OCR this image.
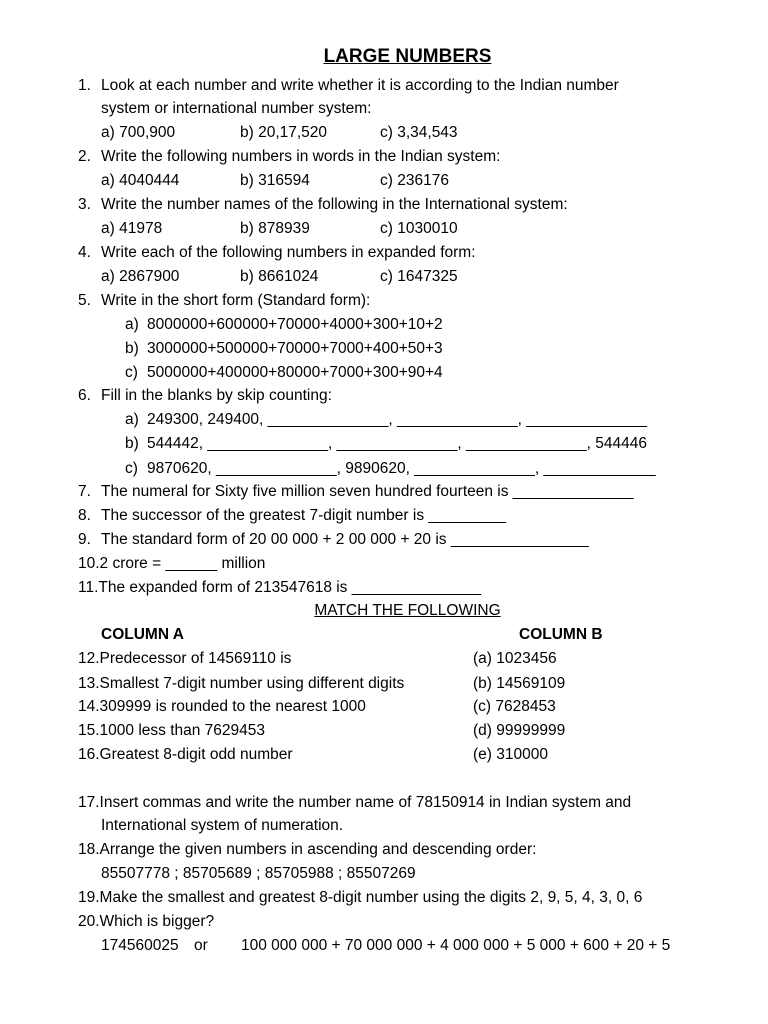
LARGE NUMBERS
1. Look at each number and write whether it is according to the Indian number
system or international number system:
a) 700,900	b) 20,17,520	c) 3,34,543
2. Write the following numbers in words in the Indian system:
a) 4040444	b) 316594	c) 236176
3. Write the number names of the following in the International system:
a) 41978	b) 878939	c) 1030010
4. Write each of the following numbers in expanded form:
a) 2867900	b) 8661024	c) 1647325
5. Write in the short form (Standard form):
a) 8000000+600000+70000+4000+300+10+2
b) 3000000+500000+70000+7000+400+50+3
c) 5000000+400000+80000+7000+300+90+4
6. Fill in the blanks by skip counting:
a) 249300, 249400, ______________, ______________, ______________
b) 544442, ______________, ______________, ______________, 544446
c) 9870620, ______________, 9890620, ______________, _____________
7. The numeral for Sixty five million seven hundred fourteen is ______________
8. The successor of the greatest 7-digit number is _________
9. The standard form of 20 00 000 + 2 00 000 + 20 is ________________
10.2 crore = ______ million
11.The expanded form of 213547618 is _______________
MATCH THE FOLLOWING
COLUMN A	COLUMN B
12.Predecessor of 14569110 is	(a) 1023456
13.Smallest 7-digit number using different digits	(b) 14569109
14.309999 is rounded to the nearest 1000	(c) 7628453
15.1000 less than 7629453	(d) 99999999
16.Greatest 8-digit odd number	(e) 310000
17.Insert commas and write the number name of 78150914 in Indian system and
International system of numeration.
18.Arrange the given numbers in ascending and descending order:
85507778 ; 85705689 ; 85705988 ; 85507269
19.Make the smallest and greatest 8-digit number using the digits 2, 9, 5, 4, 3, 0, 6
20.Which is bigger?
174560025 or 100 000 000 + 70 000 000 + 4 000 000 + 5 000 + 600 + 20 + 5
